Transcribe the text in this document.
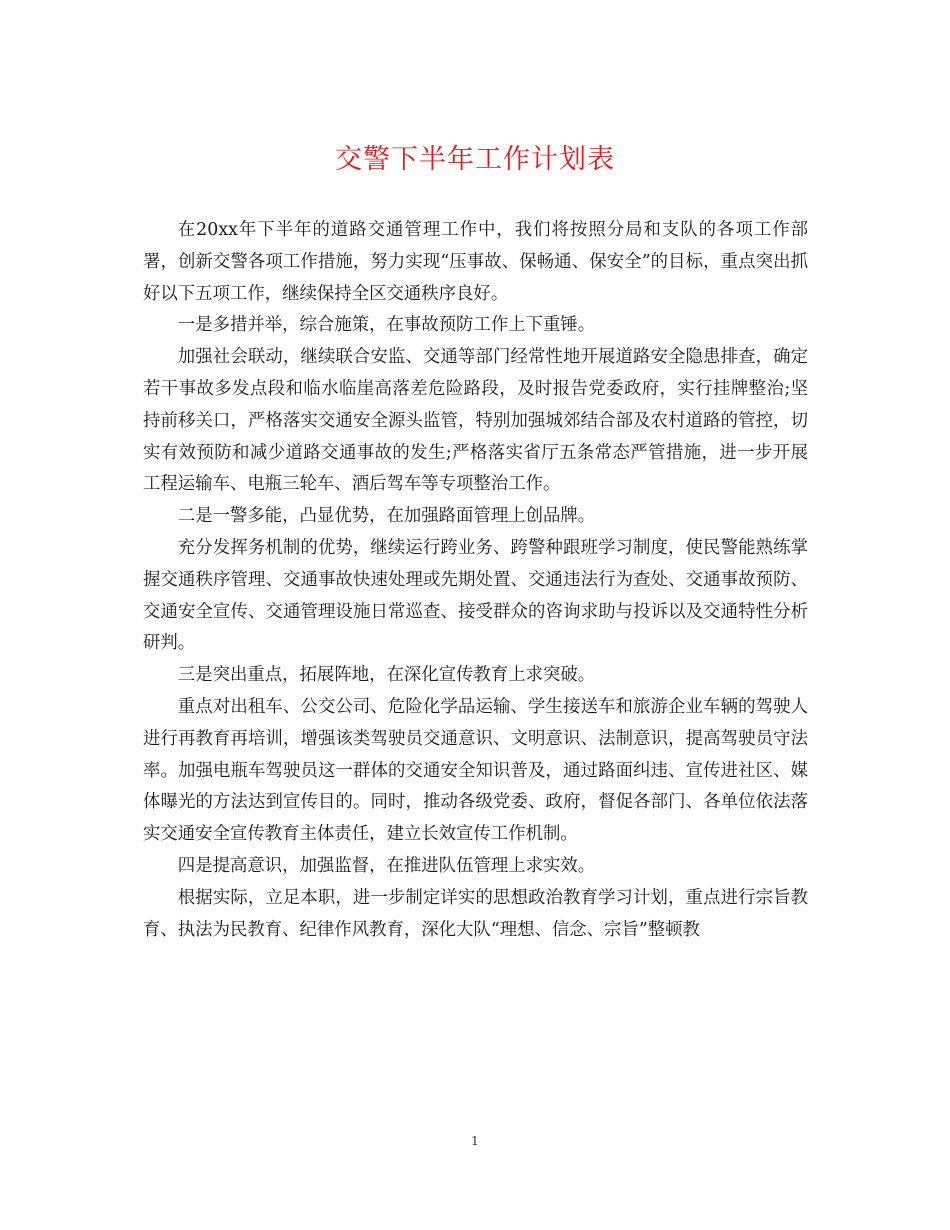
交警下半年工作计划表

在20xx年下半年的道路交通管理工作中，我们将按照分局和支队的各项工作部署，创新交警各项工作措施，努力实现“压事故、保畅通、保安全”的目标，重点突出抓好以下五项工作，继续保持全区交通秩序良好。

一是多措并举，综合施策，在事故预防工作上下重锤。

加强社会联动，继续联合安监、交通等部门经常性地开展道路安全隐患排查，确定若干事故多发点段和临水临崖高落差危险路段，及时报告党委政府，实行挂牌整治;坚持前移关口，严格落实交通安全源头监管，特别加强城郊结合部及农村道路的管控，切实有效预防和减少道路交通事故的发生;严格落实省厅五条常态严管措施，进一步开展工程运输车、电瓶三轮车、酒后驾车等专项整治工作。

二是一警多能，凸显优势，在加强路面管理上创品牌。

充分发挥务机制的优势，继续运行跨业务、跨警种跟班学习制度，使民警能熟练掌握交通秩序管理、交通事故快速处理或先期处置、交通违法行为查处、交通事故预防、交通安全宣传、交通管理设施日常巡查、接受群众的咨询求助与投诉以及交通特性分析研判。

三是突出重点，拓展阵地，在深化宣传教育上求突破。

重点对出租车、公交公司、危险化学品运输、学生接送车和旅游企业车辆的驾驶人进行再教育再培训，增强该类驾驶员交通意识、文明意识、法制意识，提高驾驶员守法率。加强电瓶车驾驶员这一群体的交通安全知识普及，通过路面纠违、宣传进社区、媒体曝光的方法达到宣传目的。同时，推动各级党委、政府，督促各部门、各单位依法落实交通安全宣传教育主体责任，建立长效宣传工作机制。

四是提高意识，加强监督，在推进队伍管理上求实效。

根据实际，立足本职，进一步制定详实的思想政治教育学习计划，重点进行宗旨教育、执法为民教育、纪律作风教育，深化大队“理想、信念、宗旨”整顿教

1
